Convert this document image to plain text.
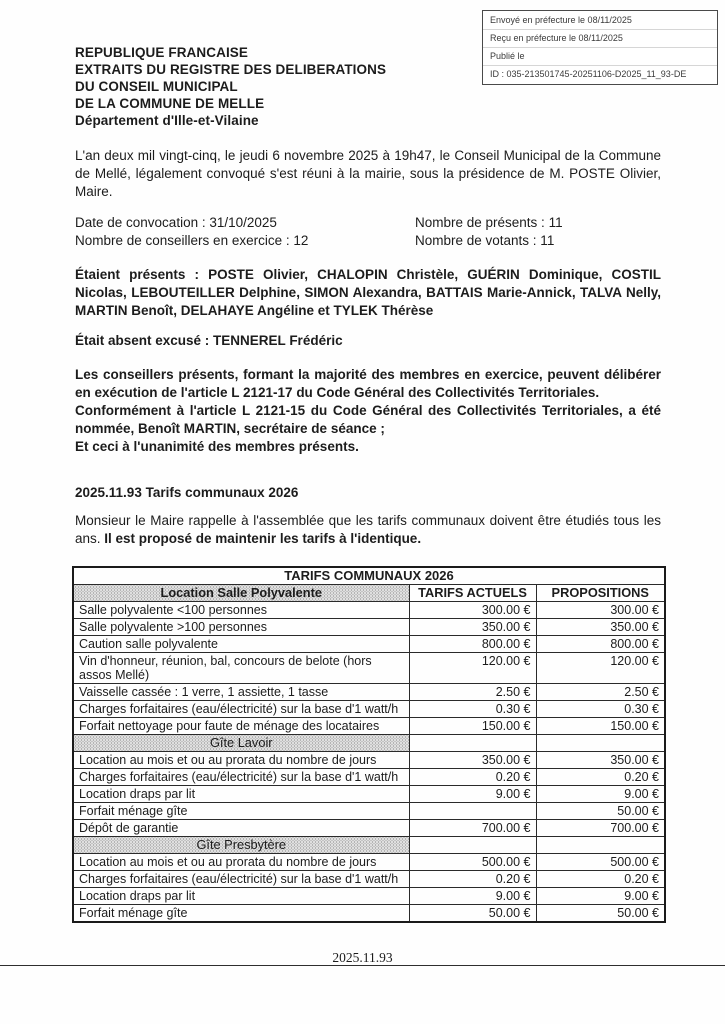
Envoyé en préfecture le 08/11/2025
Reçu en préfecture le 08/11/2025
Publié le
ID : 035-213501745-20251106-D2025_11_93-DE
REPUBLIQUE FRANCAISE
EXTRAITS DU REGISTRE DES DELIBERATIONS
DU CONSEIL MUNICIPAL
DE LA COMMUNE DE MELLE
Département d'Ille-et-Vilaine
L'an deux mil vingt-cinq, le jeudi 6 novembre 2025 à 19h47, le Conseil Municipal de la Commune de Mellé, légalement convoqué s'est réuni à la mairie, sous la présidence de M. POSTE Olivier, Maire.
Date de convocation : 31/10/2025
Nombre de conseillers en exercice : 12
Nombre de présents : 11
Nombre de votants : 11
Étaient présents : POSTE Olivier, CHALOPIN Christèle, GUÉRIN Dominique, COSTIL Nicolas, LEBOUTEILLER Delphine, SIMON Alexandra, BATTAIS Marie-Annick, TALVA Nelly, MARTIN Benoît, DELAHAYE Angéline et TYLEK Thérèse
Était absent excusé : TENNEREL Frédéric

Les conseillers présents, formant la majorité des membres en exercice, peuvent délibérer en exécution de l'article L 2121-17 du Code Général des Collectivités Territoriales.

Conformément à l'article L 2121-15 du Code Général des Collectivités Territoriales, a été nommée, Benoît MARTIN, secrétaire de séance ;

Et ceci à l'unanimité des membres présents.

2025.11.93 Tarifs communaux 2026
Monsieur le Maire rappelle à l'assemblée que les tarifs communaux doivent être étudiés tous les ans. Il est proposé de maintenir les tarifs à l'identique.
TARIFS COMMUNAUX 2026		
Location Salle Polyvalente	TARIFS ACTUELS	PROPOSITIONS
Salle polyvalente <100 personnes	300.00 €	300.00 €
Salle polyvalente >100 personnes	350.00 €	350.00 €
Caution salle polyvalente	800.00 €	800.00 €
Vin d'honneur, réunion, bal, concours de belote (hors assos Mellé)	120.00 €	120.00 €
Vaisselle cassée : 1 verre, 1 assiette, 1 tasse	2.50 €	2.50 €
Charges forfaitaires (eau/électricité) sur la base d'1 watt/h	0.30 €	0.30 €
Forfait nettoyage pour faute de ménage des locataires	150.00 €	150.00 €
Gîte Lavoir		
Location au mois et ou au prorata du nombre de jours	350.00 €	350.00 €
Charges forfaitaires (eau/électricité) sur la base d'1 watt/h	0.20 €	0.20 €
Location draps par lit	9.00 €	9.00 €
Forfait ménage gîte		50.00 €
Dépôt de garantie	700.00 €	700.00 €
Gîte Presbytère		
Location au mois et ou au prorata du nombre de jours	500.00 €	500.00 €
Charges forfaitaires (eau/électricité) sur la base d'1 watt/h	0.20 €	0.20 €
Location draps par lit	9.00 €	9.00 €
Forfait ménage gîte	50.00 €	50.00 €
2025.11.93
